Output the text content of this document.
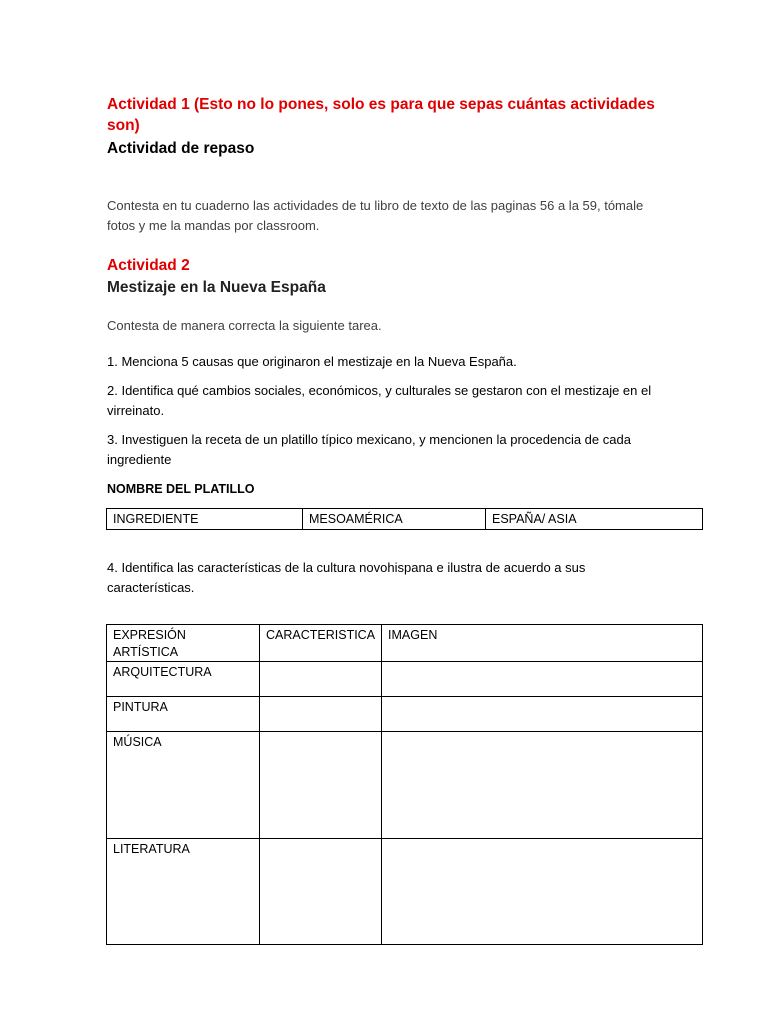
Actividad 1 (Esto no lo pones, solo es para que sepas cuántas actividades son)

Actividad de repaso

Contesta en tu cuaderno las actividades de tu libro de texto de las paginas 56 a la 59, tómale fotos y me la mandas por classroom.

Actividad 2

Mestizaje en la Nueva España

Contesta de manera correcta la siguiente tarea.

1. Menciona 5 causas que originaron el mestizaje en la Nueva España.

2. Identifica qué cambios sociales, económicos, y culturales se gestaron con el mestizaje en el virreinato.

3. Investiguen la receta de un platillo típico mexicano, y mencionen la procedencia de cada ingrediente

NOMBRE DEL PLATILLO

INGREDIENTE	MESOAMÉRICA	ESPAÑA/ ASIA

4. Identifica las características de la cultura novohispana e ilustra de acuerdo a sus características.

EXPRESIÓN ARTÍSTICA	CARACTERISTICA	IMAGEN
ARQUITECTURA		
PINTURA		
MÚSICA		
LITERATURA		
